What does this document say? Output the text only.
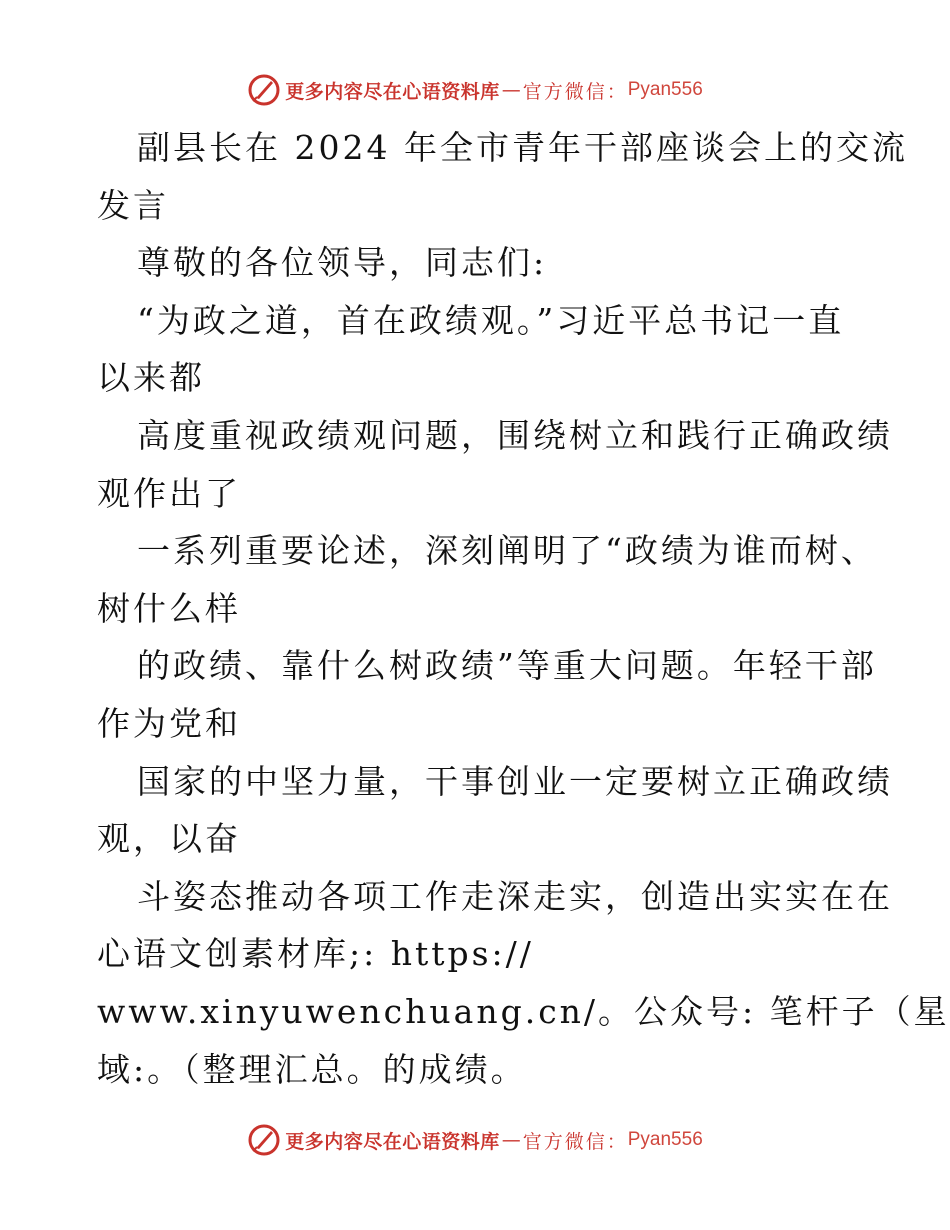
更多内容尽在心语资料库 — 官方微信： Pyan556
副县长在 2024 年全市青年干部座谈会上的交流
发言
尊敬的各位领导，同志们:
“为政之道，首在政绩观。”习近平总书记一直
以来都
高度重视政绩观问题，围绕树立和践行正确政绩
观作出了
一系列重要论述，深刻阐明了“政绩为谁而树、
树什么样
的政绩、靠什么树政绩”等重大问题。年轻干部
作为党和
国家的中坚力量，干事创业一定要树立正确政绩
观，以奋
斗姿态推动各项工作走深走实，创造出实实在在
心语文创素材库;: https://
www.xinyuwenchuang.cn/。公众号: 笔杆子（星
域:。（整理汇总。的成绩。
更多内容尽在心语资料库 — 官方微信： Pyan556
